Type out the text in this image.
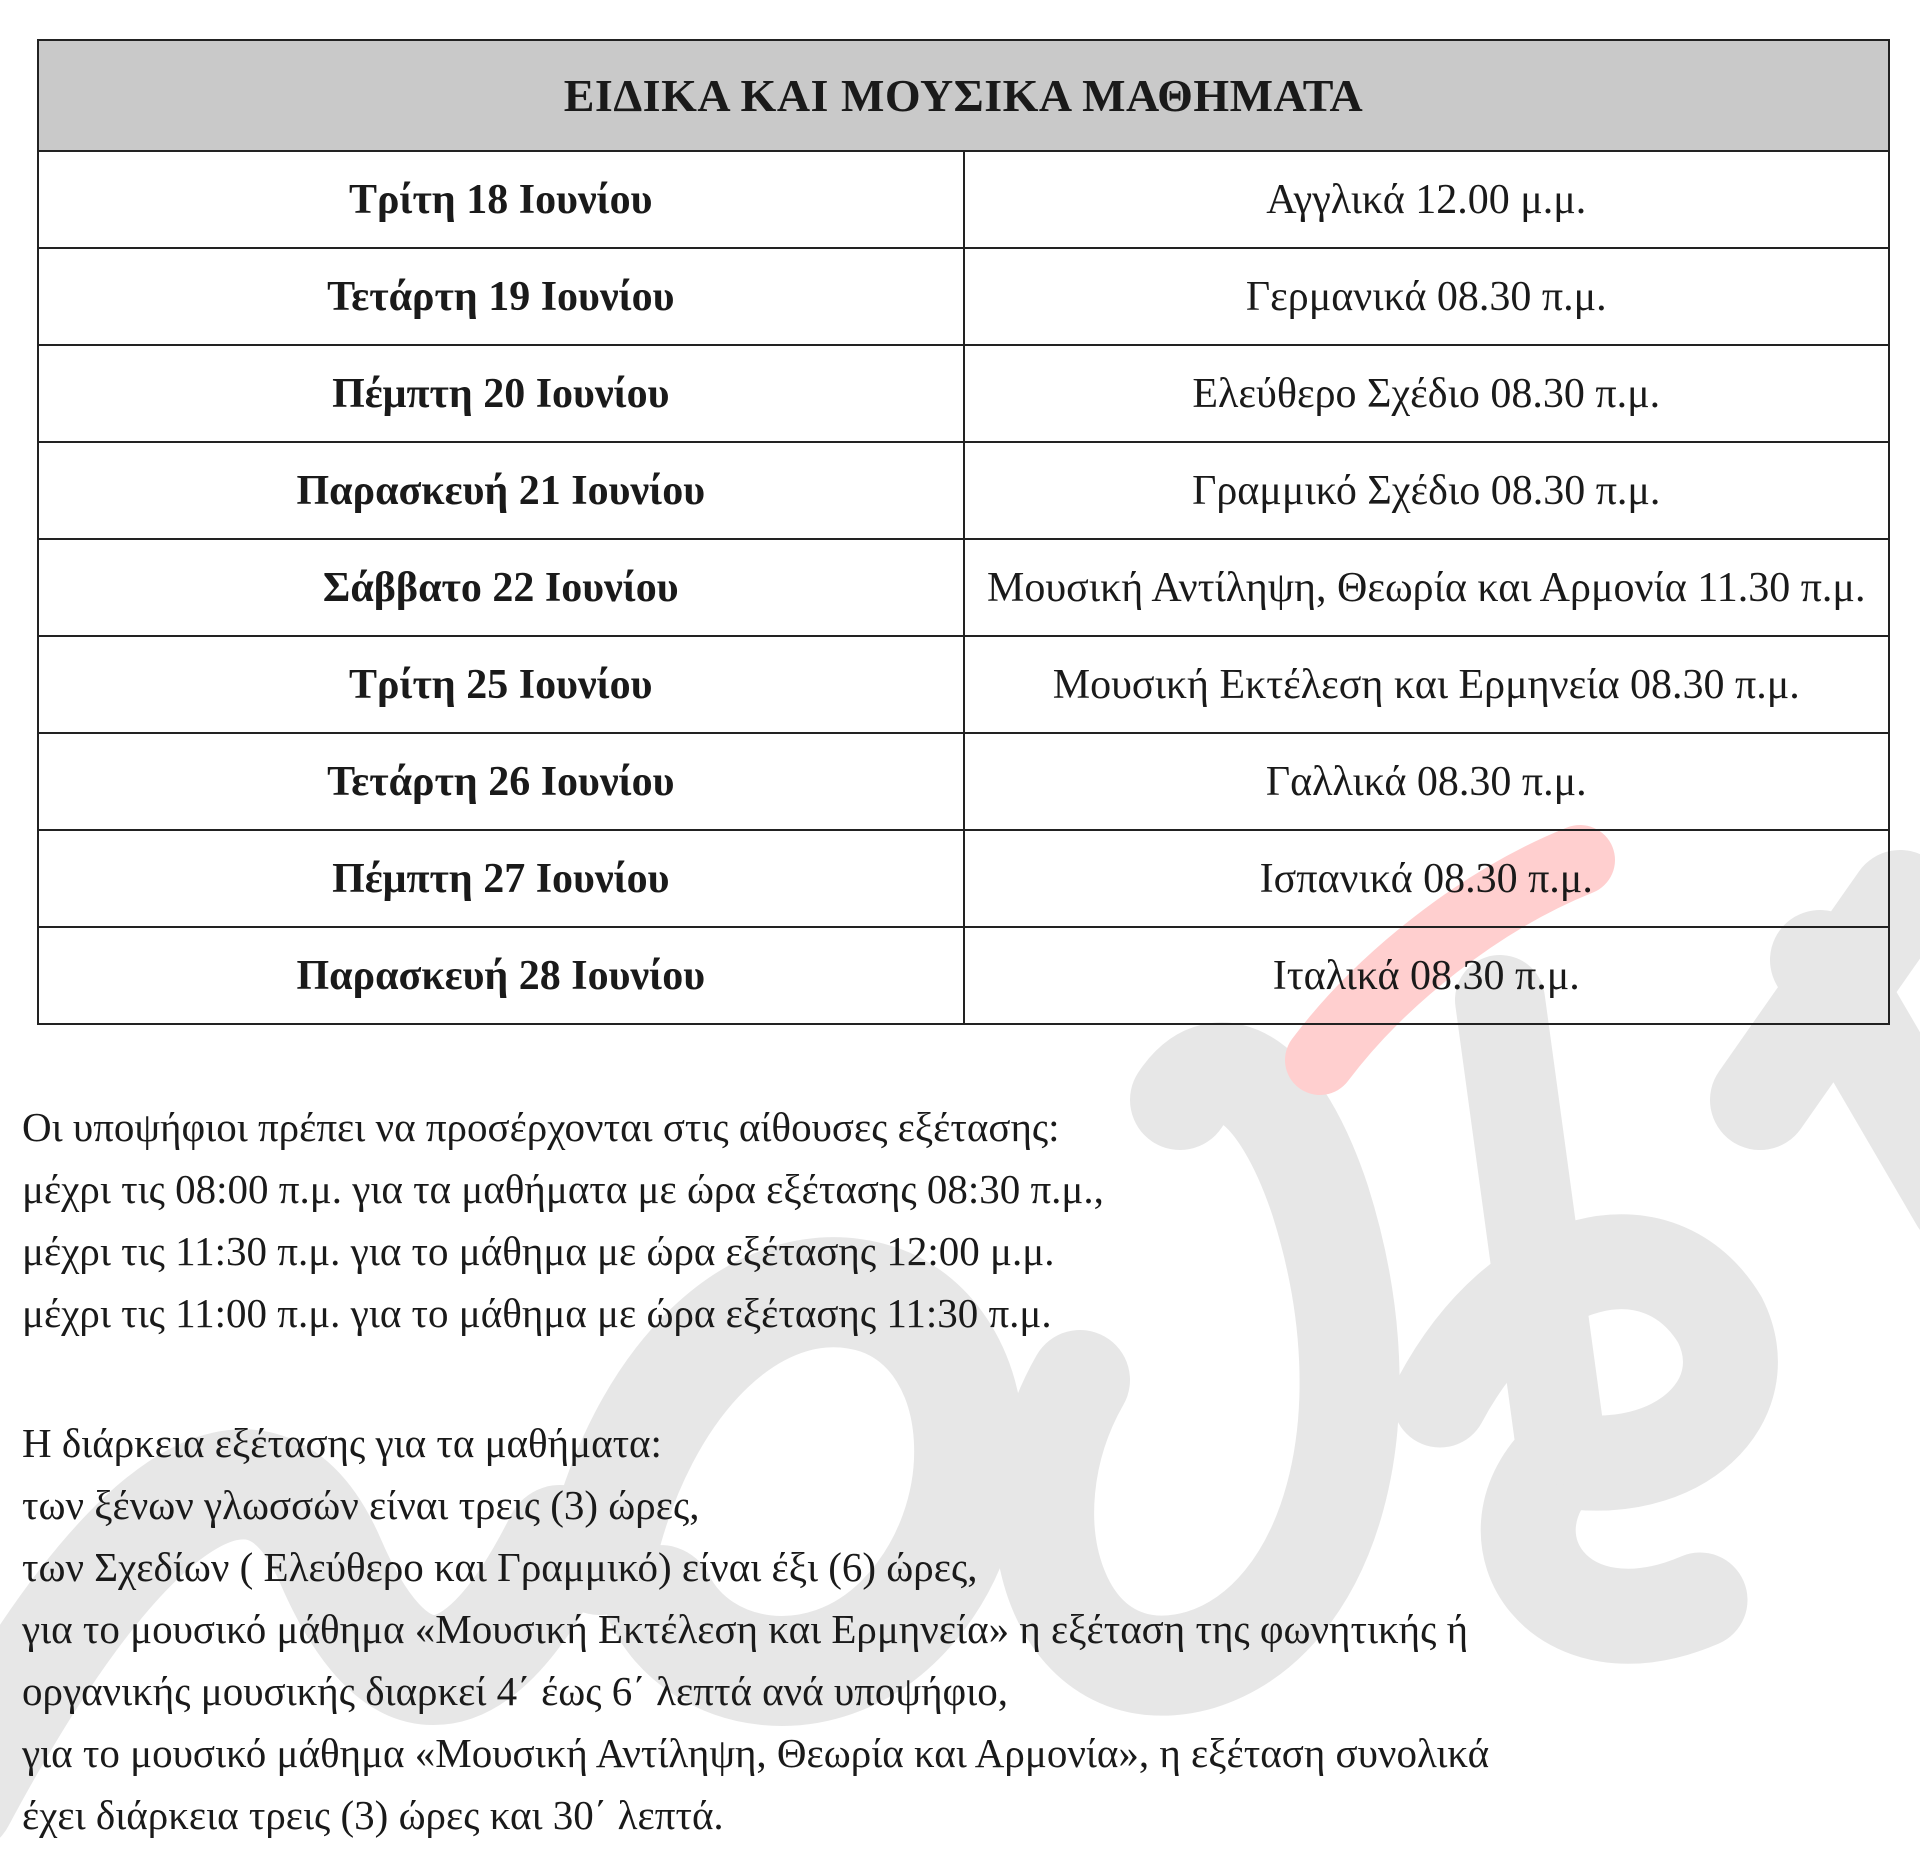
ΕΙΔΙΚΑ ΚΑΙ ΜΟΥΣΙΚΑ ΜΑΘΗΜΑΤΑ	
Τρίτη 18 Ιουνίου	Αγγλικά 12.00 μ.μ.
Τετάρτη 19 Ιουνίου	Γερμανικά 08.30 π.μ.
Πέμπτη 20 Ιουνίου	Ελεύθερο Σχέδιο 08.30 π.μ.
Παρασκευή 21 Ιουνίου	Γραμμικό Σχέδιο 08.30 π.μ.
Σάββατο 22 Ιουνίου	Μουσική Αντίληψη, Θεωρία και Αρμονία 11.30 π.μ.
Τρίτη 25 Ιουνίου	Μουσική Εκτέλεση και Ερμηνεία 08.30 π.μ.
Τετάρτη 26 Ιουνίου	Γαλλικά 08.30 π.μ.
Πέμπτη 27 Ιουνίου	Ισπανικά 08.30 π.μ.
Παρασκευή 28 Ιουνίου	Ιταλικά 08.30 π.μ.
Οι υποψήφιοι πρέπει να προσέρχονται στις αίθουσες εξέτασης:
μέχρι τις 08:00 π.μ. για τα μαθήματα με ώρα εξέτασης 08:30 π.μ.,
μέχρι τις 11:30 π.μ. για το μάθημα με ώρα εξέτασης 12:00 μ.μ.
μέχρι τις 11:00 π.μ. για το μάθημα με ώρα εξέτασης 11:30 π.μ.
Η διάρκεια εξέτασης για τα μαθήματα:
των ξένων γλωσσών είναι τρεις (3) ώρες,
των Σχεδίων ( Ελεύθερο και Γραμμικό) είναι έξι (6) ώρες,
για το μουσικό μάθημα «Μουσική Εκτέλεση και Ερμηνεία» η εξέταση της φωνητικής ή
οργανικής μουσικής διαρκεί 4΄ έως 6΄ λεπτά ανά υποψήφιο,
για το μουσικό μάθημα «Μουσική Αντίληψη, Θεωρία και Αρμονία», η εξέταση συνολικά
έχει διάρκεια τρεις (3) ώρες και 30΄ λεπτά.
